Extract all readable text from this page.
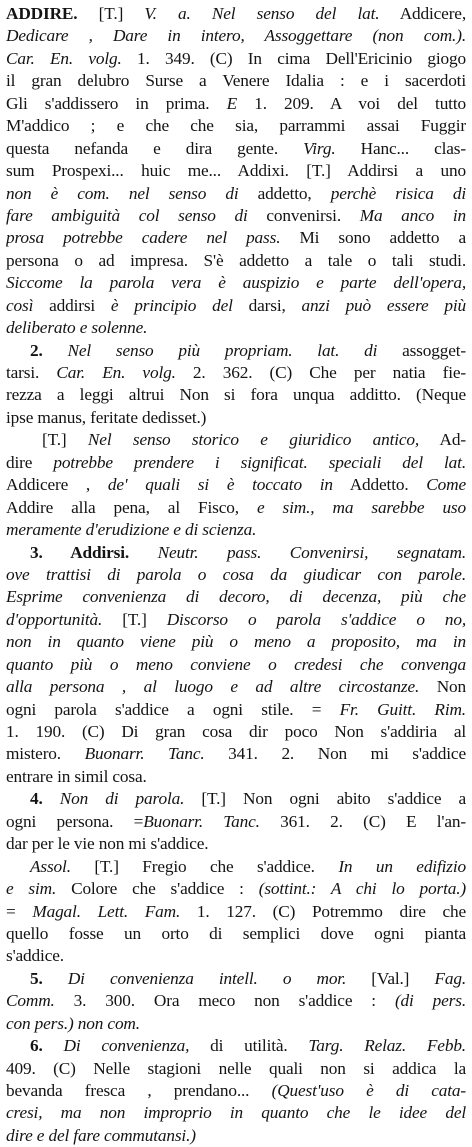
ADDIRE. [T.] V. a. Nel senso del lat. Addicere,
Dedicare , Dare in intero, Assoggettare (non com.).
Car. En. volg. 1. 349. (C) In cima Dell'Ericinio giogo
il gran delubro Surse a Venere Idalia : e i sacerdoti
Gli s'addissero in prima. E 1. 209. A voi del tutto
M'addico ; e che che sia, parrammi assai Fuggir
questa nefanda e dira gente. Virg. Hanc... clas-
sum Prospexi... huic me... Addixi. [T.] Addirsi a uno
non è com. nel senso di addetto, perchè risica di
fare ambiguità col senso di convenirsi. Ma anco in
prosa potrebbe cadere nel pass. Mi sono addetto a
persona o ad impresa. S'è addetto a tale o tali studi.
Siccome la parola vera è auspizio e parte dell'opera,
così addirsi è principio del darsi, anzi può essere più
deliberato e solenne.
2. Nel senso più propriam. lat. di assogget-
tarsi. Car. En. volg. 2. 362. (C) Che per natia fie-
rezza a leggi altrui Non si fora unqua additto. (Neque
ipse manus, feritate dedisset.)
[T.] Nel senso storico e giuridico antico, Ad-
dire potrebbe prendere i significat. speciali del lat.
Addicere , de' quali si è toccato in Addetto. Come
Addire alla pena, al Fisco, e sim., ma sarebbe uso
meramente d'erudizione e di scienza.
3. Addirsi. Neutr. pass. Convenirsi, segnatam.
ove trattisi di parola o cosa da giudicar con parole.
Esprime convenienza di decoro, di decenza, più che
d'opportunità. [T.] Discorso o parola s'addice o no,
non in quanto viene più o meno a proposito, ma in
quanto più o meno conviene o credesi che convenga
alla persona , al luogo e ad altre circostanze. Non
ogni parola s'addice a ogni stile. = Fr. Guitt. Rim.
1. 190. (C) Di gran cosa dir poco Non s'addiria al
mistero. Buonarr. Tanc. 341. 2. Non mi s'addice
entrare in simil cosa.
4. Non di parola. [T.] Non ogni abito s'addice a
ogni persona. =Buonarr. Tanc. 361. 2. (C) E l'an-
dar per le vie non mi s'addice.
Assol. [T.] Fregio che s'addice. In un edifizio
e sim. Colore che s'addice : (sottint.: A chi lo porta.)
= Magal. Lett. Fam. 1. 127. (C) Potremmo dire che
quello fosse un orto di semplici dove ogni pianta
s'addice.
5. Di convenienza intell. o mor. [Val.] Fag.
Comm. 3. 300. Ora meco non s'addice : (di pers.
con pers.) non com.
6. Di convenienza, di utilità. Targ. Relaz. Febb.
409. (C) Nelle stagioni nelle quali non si addica la
bevanda fresca , prendano... (Quest'uso è di cata-
cresi, ma non improprio in quanto che le idee del
dire e del fare commutansi.)
